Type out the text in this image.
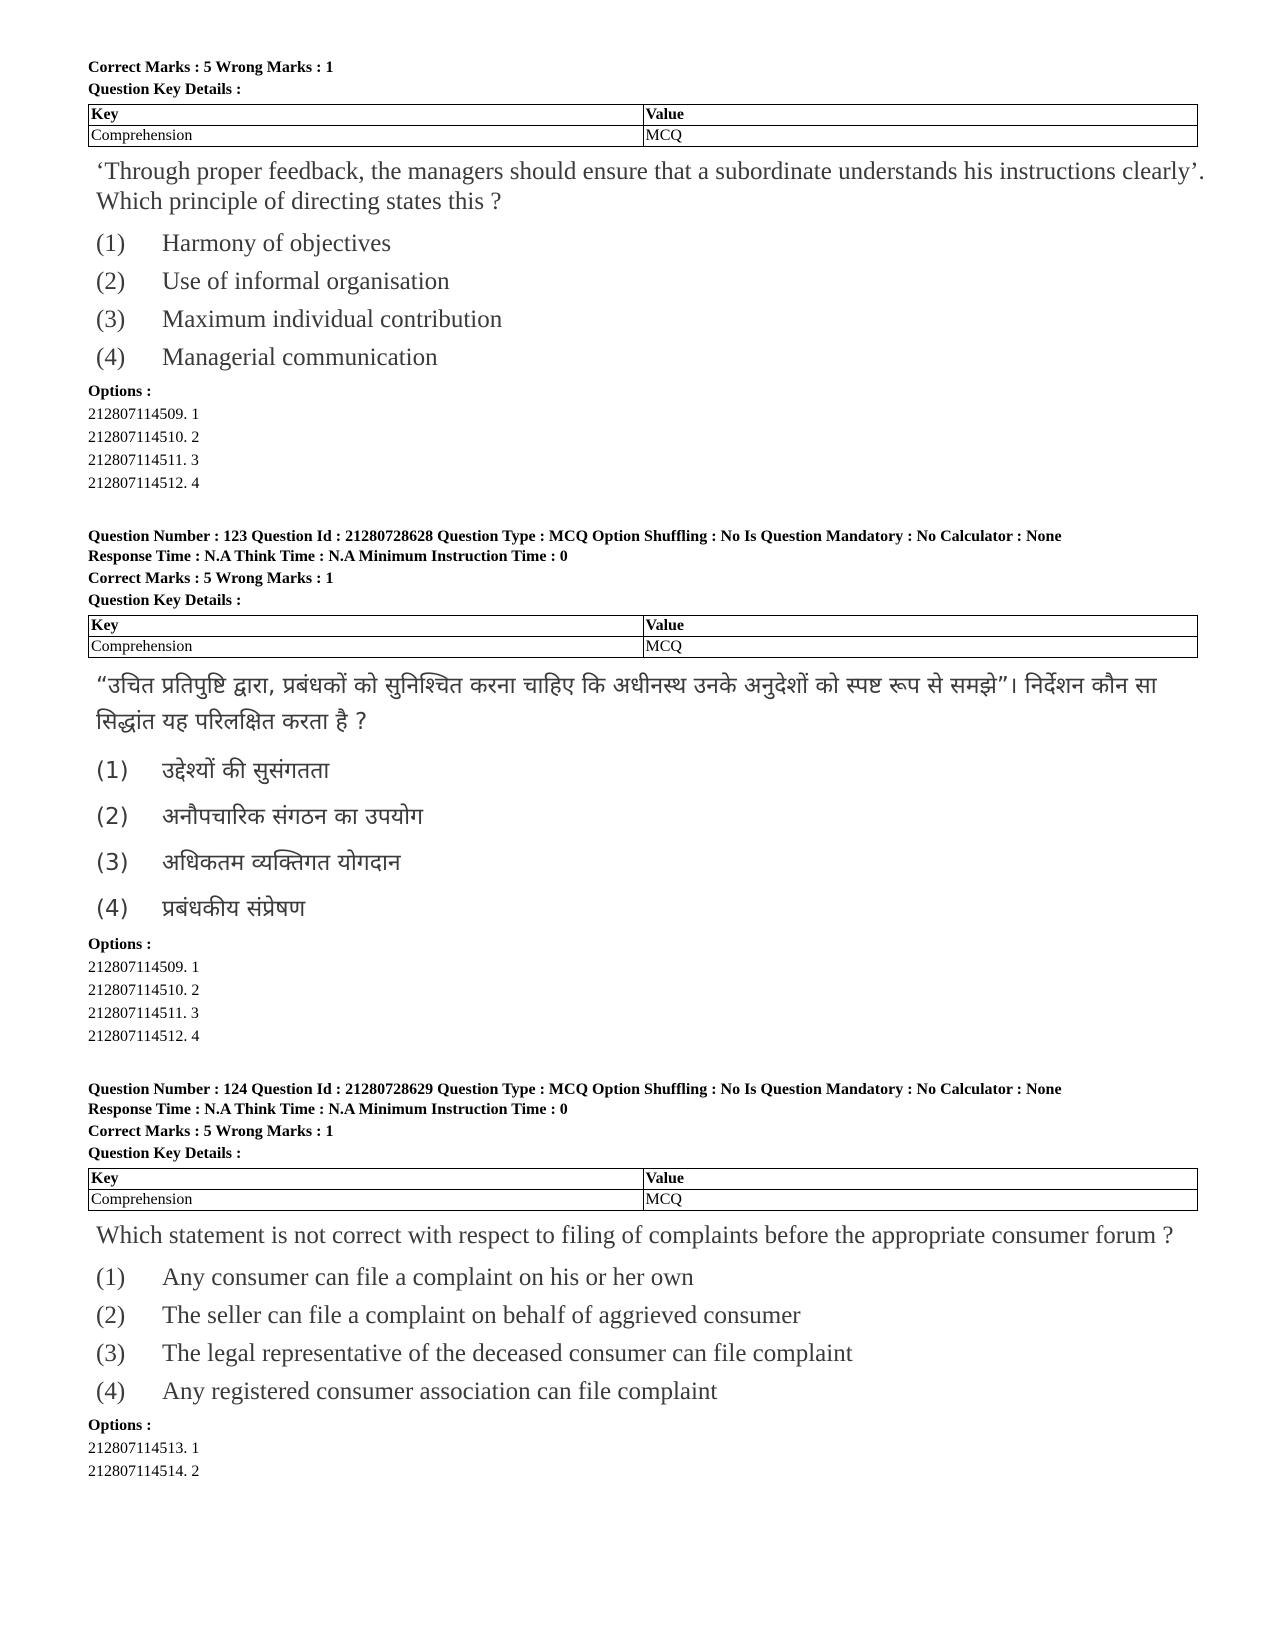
Correct Marks : 5 Wrong Marks : 1
Question Key Details :
Key	Value
Comprehension	MCQ
‘Through proper feedback, the managers should ensure that a subordinate understands his instructions clearly’. Which principle of directing states this ?
(1)	Harmony of objectives
(2)	Use of informal organisation
(3)	Maximum individual contribution
(4)	Managerial communication
Options :
212807114509. 1
212807114510. 2
212807114511. 3
212807114512. 4
Question Number : 123 Question Id : 21280728628 Question Type : MCQ Option Shuffling : No Is Question Mandatory : No Calculator : None
Response Time : N.A Think Time : N.A Minimum Instruction Time : 0
Correct Marks : 5 Wrong Marks : 1
Question Key Details :
Key	Value
Comprehension	MCQ
“उचित प्रतिपुष्टि द्वारा, प्रबंधकों को सुनिश्चित करना चाहिए कि अधीनस्थ उनके अनुदेशों को स्पष्ट रूप से समझे”। निर्देशन कौन सा सिद्धांत यह परिलक्षित करता है ?
(1)	उद्देश्यों की सुसंगतता
(2)	अनौपचारिक संगठन का उपयोग
(3)	अधिकतम व्यक्तिगत योगदान
(4)	प्रबंधकीय संप्रेषण
Options :
212807114509. 1
212807114510. 2
212807114511. 3
212807114512. 4
Question Number : 124 Question Id : 21280728629 Question Type : MCQ Option Shuffling : No Is Question Mandatory : No Calculator : None
Response Time : N.A Think Time : N.A Minimum Instruction Time : 0
Correct Marks : 5 Wrong Marks : 1
Question Key Details :
Key	Value
Comprehension	MCQ
Which statement is not correct with respect to filing of complaints before the appropriate consumer forum ?
(1)	Any consumer can file a complaint on his or her own
(2)	The seller can file a complaint on behalf of aggrieved consumer
(3)	The legal representative of the deceased consumer can file complaint
(4)	Any registered consumer association can file complaint
Options :
212807114513. 1
212807114514. 2
